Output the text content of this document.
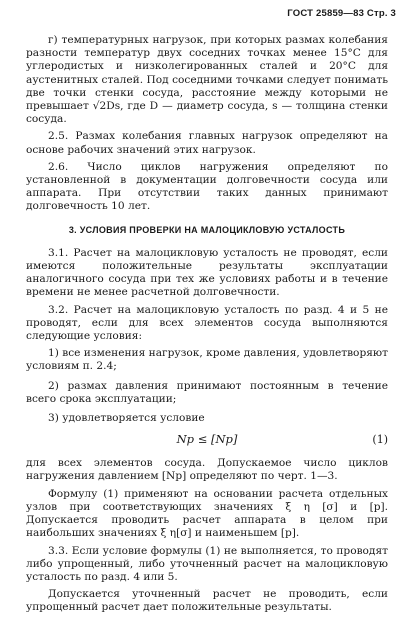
ГОСТ 25859—83 Стр. 3

г) температурных нагрузок, при которых размах колебания разности температур двух соседних точках менее 15°С для углеродистых и низколегированных сталей и 20°С для аустенитных сталей. Под соседними точками следует понимать две точки стенки сосуда, расстояние между которыми не превышает √2Ds, где D — диаметр сосуда, s — толщина стенки сосуда.

2.5. Размах колебания главных нагрузок определяют на основе рабочих значений этих нагрузок.

2.6. Число циклов нагружения определяют по установленной в документации долговечности сосуда или аппарата. При отсутствии таких данных принимают долговечность 10 лет.

3. УСЛОВИЯ ПРОВЕРКИ НА МАЛОЦИКЛОВУЮ УСТАЛОСТЬ

3.1. Расчет на малоцикловую усталость не проводят, если имеются положительные результаты эксплуатации аналогичного сосуда при тех же условиях работы и в течение времени не менее расчетной долговечности.

3.2. Расчет на малоцикловую усталость по разд. 4 и 5 не проводят, если для всех элементов сосуда выполняются следующие условия:

1) все изменения нагрузок, кроме давления, удовлетворяют условиям п. 2.4;

2) размах давления принимают постоянным в течение всего срока эксплуатации;

3) удовлетворяется условие

Np ≤ [Np]	(1)

для всех элементов сосуда. Допускаемое число циклов нагружения давлением [Np] определяют по черт. 1—3.

Формулу (1) применяют на основании расчета отдельных узлов при соответствующих значениях ξ η [σ] и [p]. Допускается проводить расчет аппарата в целом при наибольших значениях ξ η[σ] и наименьшем [p].

3.3. Если условие формулы (1) не выполняется, то проводят либо упрощенный, либо уточненный расчет на малоцикловую усталость по разд. 4 или 5.

Допускается уточненный расчет не проводить, если упрощенный расчет дает положительные результаты.
